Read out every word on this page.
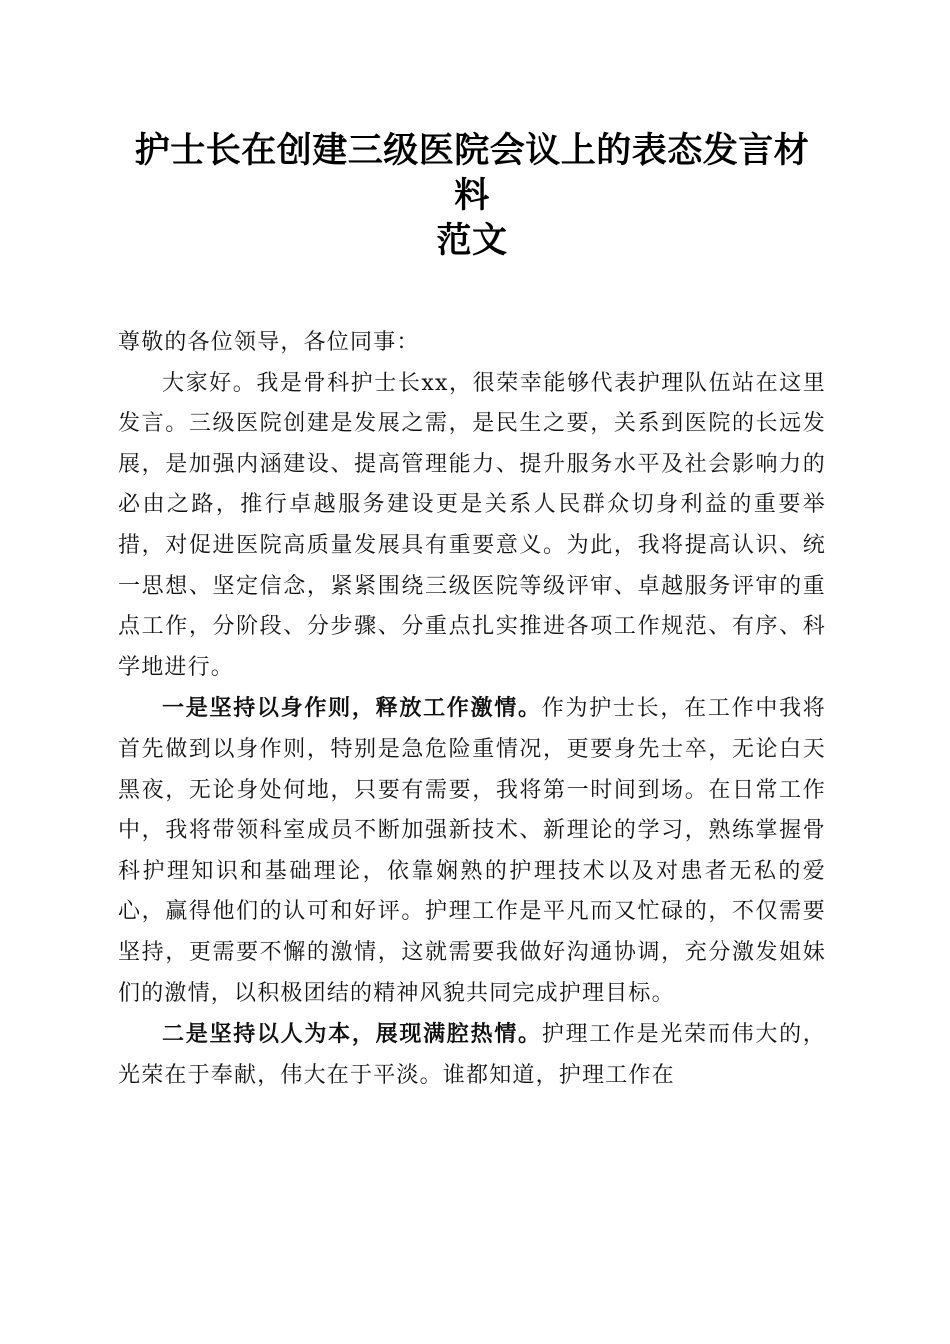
护士长在创建三级医院会议上的表态发言材料
范文

尊敬的各位领导，各位同事：

大家好。我是骨科护士长xx，很荣幸能够代表护理队伍站在这里发言。三级医院创建是发展之需，是民生之要，关系到医院的长远发展，是加强内涵建设、提高管理能力、提升服务水平及社会影响力的必由之路，推行卓越服务建设更是关系人民群众切身利益的重要举措，对促进医院高质量发展具有重要意义。为此，我将提高认识、统一思想、坚定信念，紧紧围绕三级医院等级评审、卓越服务评审的重点工作，分阶段、分步骤、分重点扎实推进各项工作规范、有序、科学地进行。

一是坚持以身作则，释放工作激情。作为护士长，在工作中我将首先做到以身作则，特别是急危险重情况，更要身先士卒，无论白天黑夜，无论身处何地，只要有需要，我将第一时间到场。在日常工作中，我将带领科室成员不断加强新技术、新理论的学习，熟练掌握骨科护理知识和基础理论，依靠娴熟的护理技术以及对患者无私的爱心，赢得他们的认可和好评。护理工作是平凡而又忙碌的，不仅需要坚持，更需要不懈的激情，这就需要我做好沟通协调，充分激发姐妹们的激情，以积极团结的精神风貌共同完成护理目标。

二是坚持以人为本，展现满腔热情。护理工作是光荣而伟大的，光荣在于奉献，伟大在于平淡。谁都知道，护理工作在
